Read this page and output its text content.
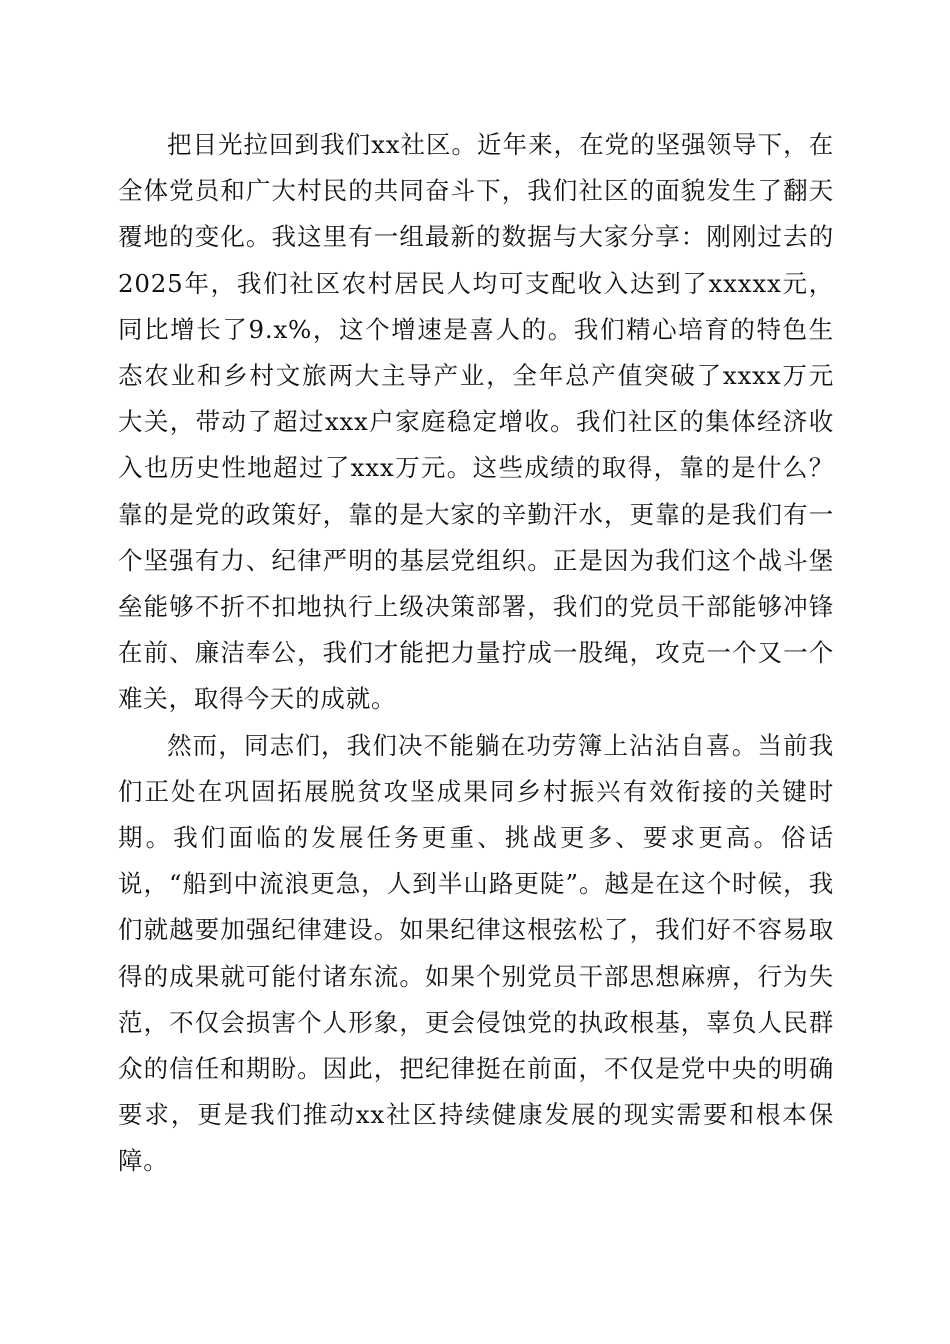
把目光拉回到我们xx社区。近年来，在党的坚强领导下，在全体党员和广大村民的共同奋斗下，我们社区的面貌发生了翻天覆地的变化。我这里有一组最新的数据与大家分享：刚刚过去的2025年，我们社区农村居民人均可支配收入达到了xxxxx元，同比增长了9.x%，这个增速是喜人的。我们精心培育的特色生态农业和乡村文旅两大主导产业，全年总产值突破了xxxx万元大关，带动了超过xxx户家庭稳定增收。我们社区的集体经济收入也历史性地超过了xxx万元。这些成绩的取得，靠的是什么？靠的是党的政策好，靠的是大家的辛勤汗水，更靠的是我们有一个坚强有力、纪律严明的基层党组织。正是因为我们这个战斗堡垒能够不折不扣地执行上级决策部署，我们的党员干部能够冲锋在前、廉洁奉公，我们才能把力量拧成一股绳，攻克一个又一个难关，取得今天的成就。

然而，同志们，我们决不能躺在功劳簿上沾沾自喜。当前我们正处在巩固拓展脱贫攻坚成果同乡村振兴有效衔接的关键时期。我们面临的发展任务更重、挑战更多、要求更高。俗话说，“船到中流浪更急，人到半山路更陡”。越是在这个时候，我们就越要加强纪律建设。如果纪律这根弦松了，我们好不容易取得的成果就可能付诸东流。如果个别党员干部思想麻痹，行为失范，不仅会损害个人形象，更会侵蚀党的执政根基，辜负人民群众的信任和期盼。因此，把纪律挺在前面，不仅是党中央的明确要求，更是我们推动xx社区持续健康发展的现实需要和根本保障。
